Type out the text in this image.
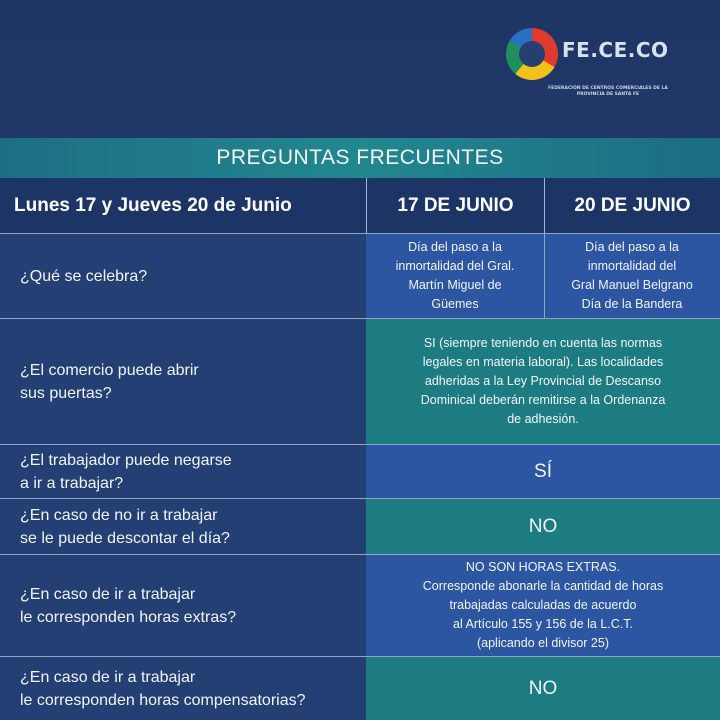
FE.CE.CO
FEDERACIÓN DE CENTROS COMERCIALES DE LA PROVINCIA DE SANTA FE
PREGUNTAS FRECUENTES
Lunes 17 y Jueves 20 de Junio	17 DE JUNIO	20 DE JUNIO
¿Qué se celebra?
Día del paso a la
inmortalidad del Gral.
Martín Miguel de
Güemes
Día del paso a la
inmortalidad del
Gral Manuel Belgrano
Día de la Bandera
¿El comercio puede abrir
sus puertas?
SI (siempre teniendo en cuenta las normas
legales en materia laboral). Las localidades
adheridas a la Ley Provincial de Descanso
Dominical deberán remitirse a la Ordenanza
de adhesión.
¿El trabajador puede negarse
a ir a trabajar?
SÍ
¿En caso de no ir a trabajar
se le puede descontar el día?
NO
¿En caso de ir a trabajar
le corresponden horas extras?
NO SON HORAS EXTRAS.
Corresponde abonarle la cantidad de horas
trabajadas calculadas de acuerdo
al Artículo 155 y 156 de la L.C.T.
(aplicando el divisor 25)
¿En caso de ir a trabajar
le corresponden horas compensatorias?
NO
